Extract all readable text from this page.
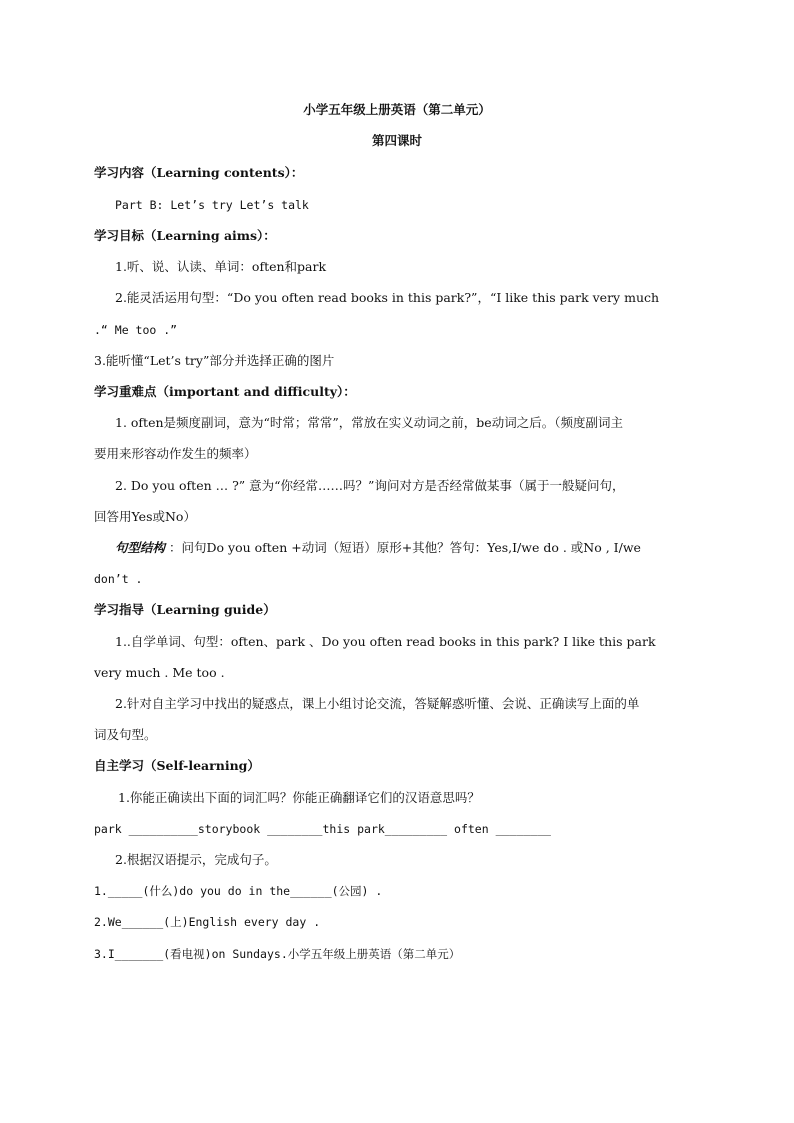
小学五年级上册英语（第二单元）
第四课时
学习内容（Learning contents）：
Part B: Let’s try Let’s talk
学习目标（Learning aims）：
1.听、说、认读、单词：often和park
2.能灵活运用句型：“Do you often read books in this park?”，“I like this park very much
.“ Me too .”
3.能听懂“Let’s try”部分并选择正确的图片
学习重难点（important and difficulty）：
1. often是频度副词，意为“时常；常常”，常放在实义动词之前，be动词之后。（频度副词主
要用来形容动作发生的频率）
2. Do you often … ?” 意为“你经常……吗？”询问对方是否经常做某事（属于一般疑问句，
回答用Yes或No）
句型结构 ：问句Do you often +动词（短语）原形+其他？答句：Yes,I/we do . 或No , I/we
don’t .
学习指导（Learning guide）
1..自学单词、句型：often、park 、Do you often read books in this park? I like this park
very much . Me too .
2.针对自主学习中找出的疑惑点，课上小组讨论交流，答疑解惑听懂、会说、正确读写上面的单
词及句型。
自主学习（Self-learning）
1.你能正确读出下面的词汇吗？你能正确翻译它们的汉语意思吗？
park __________storybook ________this park_________ often ________
2.根据汉语提示，完成句子。
1._____(什么)do you do in the______(公园) .
2.We______(上)English every day .
3.I_______(看电视)on Sundays.小学五年级上册英语（第二单元）
